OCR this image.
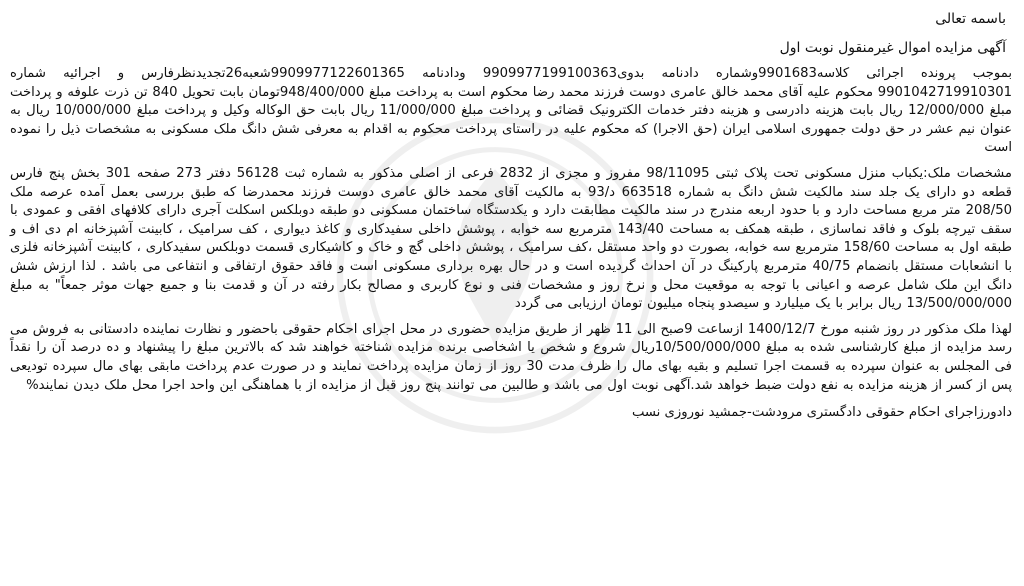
باسمه تعالی
آگهی مزایده اموال غیرمنقول نوبت اول

بموجب پرونده اجرائی کلاسه9901683وشماره دادنامه بدوی9909977199100363 ودادنامه 9909977122601365شعبه26تجدیدنظرفارس و اجرائیه شماره 9901042719910301 محکوم علیه آقای محمد خالق عامری دوست فرزند محمد رضا محکوم است به پرداخت مبلغ 948/400/000تومان بابت تحویل 840 تن ذرت علوفه و پرداخت مبلغ 12/000/000 ریال بابت هزینه دادرسی و هزینه دفتر خدمات الکترونیک قضائی و پرداخت مبلغ 11/000/000 ریال بابت حق الوکاله وکیل و پرداخت مبلغ 10/000/000 ریال به عنوان نیم عشر در حق دولت جمهوری اسلامی ایران (حق الاجرا) که محکوم علیه در راستای پرداخت محکوم به اقدام به معرفی شش دانگ ملک مسکونی به مشخصات ذیل را نموده است

مشخصات ملک:یکباب منزل مسکونی تحت پلاک ثبتی 98/11095 مفروز و مجزی از 2832 فرعی از اصلی مذکور به شماره ثبت 56128 دفتر 273 صفحه 301 بخش پنج فارس قطعه دو دارای یک جلد سند مالکیت شش دانگ به شماره 663518 د/93 به مالکیت آقای محمد خالق عامری دوست فرزند محمدرضا که طبق بررسی بعمل آمده عرصه ملک 208/50 متر مربع مساحت دارد و با حدود اربعه مندرج در سند مالکیت مطابقت دارد و یکدستگاه ساختمان مسکونی دو طبقه دوبلکس اسکلت آجری دارای کلافهای افقی و عمودی با سقف تیرچه بلوک و فاقد نماسازی ، طبقه همکف به مساحت 143/40 مترمربع سه خوابه ، پوشش داخلی سفیدکاری و کاغذ دیواری ، کف سرامیک ، کابینت آشپزخانه ام دی اف و طبقه اول به مساحت 158/60 مترمربع سه خوابه، بصورت دو واحد مستقل ،کف سرامیک ، پوشش داخلی گچ و خاک و کاشیکاری قسمت دوبلکس سفیدکاری ، کابینت آشپزخانه فلزی با انشعابات مستقل بانضمام 40/75 مترمربع پارکینگ در آن احداث گردیده است و در حال بهره برداری مسکونی است و فاقد حقوق ارتفاقی و انتفاعی می باشد . لذا ارزش شش دانگ این ملک شامل عرصه و اعیانی با توجه به موقعیت محل و نرخ روز و مشخصات فنی و نوع کاربری و مصالح بکار رفته در آن و قدمت بنا و جمیع جهات موثر جمعاً" به مبلغ 13/500/000/000 ریال برابر با یک میلیارد و سیصدو پنجاه میلیون تومان ارزیابی می گردد

لهذا ملک مذکور در روز شنبه مورخ 1400/12/7 ازساعت 9صبح الی 11 ظهر از طریق مزایده حضوری در محل اجرای احکام حقوقی باحضور و نظارت نماینده دادستانی به فروش می رسد مزایده از مبلغ کارشناسی شده به مبلغ 10/500/000/000ریال شروع و شخص یا اشخاصی برنده مزایده شناخته خواهند شد که بالاترین مبلغ را پیشنهاد و ده درصد آن را نقداً فی المجلس به عنوان سپرده به قسمت اجرا تسلیم و بقیه بهای مال را ظرف مدت 30 روز از زمان مزایده پرداخت نمایند و در صورت عدم پرداخت مابقی بهای مال سپرده تودیعی پس از کسر از هزینه مزایده به نفع دولت ضبط خواهد شد.آگهی نوبت اول می باشد و طالبین می توانند پنج روز قبل از مزایده از با هماهنگی این واحد اجرا محل ملک دیدن نمایند%

دادورزاجرای احکام حقوقی دادگستری مرودشت-جمشید نوروزی نسب
